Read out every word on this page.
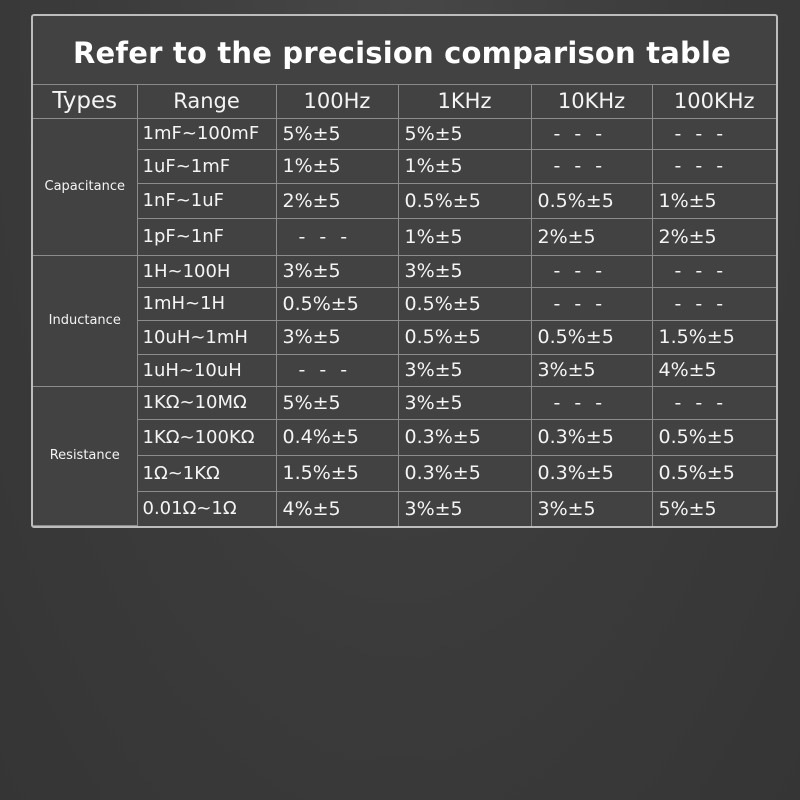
Refer to the precision comparison table
Types	Range	100Hz	1KHz	10KHz	100KHz
Capacitance	1mF~100mF	5%±5	5%±5	- - -	- - -
	1uF~1mF	1%±5	1%±5	- - -	- - -
	1nF~1uF	2%±5	0.5%±5	0.5%±5	1%±5
	1pF~1nF	- - -	1%±5	2%±5	2%±5
Inductance	1H~100H	3%±5	3%±5	- - -	- - -
	1mH~1H	0.5%±5	0.5%±5	- - -	- - -
	10uH~1mH	3%±5	0.5%±5	0.5%±5	1.5%±5
	1uH~10uH	- - -	3%±5	3%±5	4%±5
Resistance	1KΩ~10MΩ	5%±5	3%±5	- - -	- - -
	1KΩ~100KΩ	0.4%±5	0.3%±5	0.3%±5	0.5%±5
	1Ω~1KΩ	1.5%±5	0.3%±5	0.3%±5	0.5%±5
	0.01Ω~1Ω	4%±5	3%±5	3%±5	5%±5
